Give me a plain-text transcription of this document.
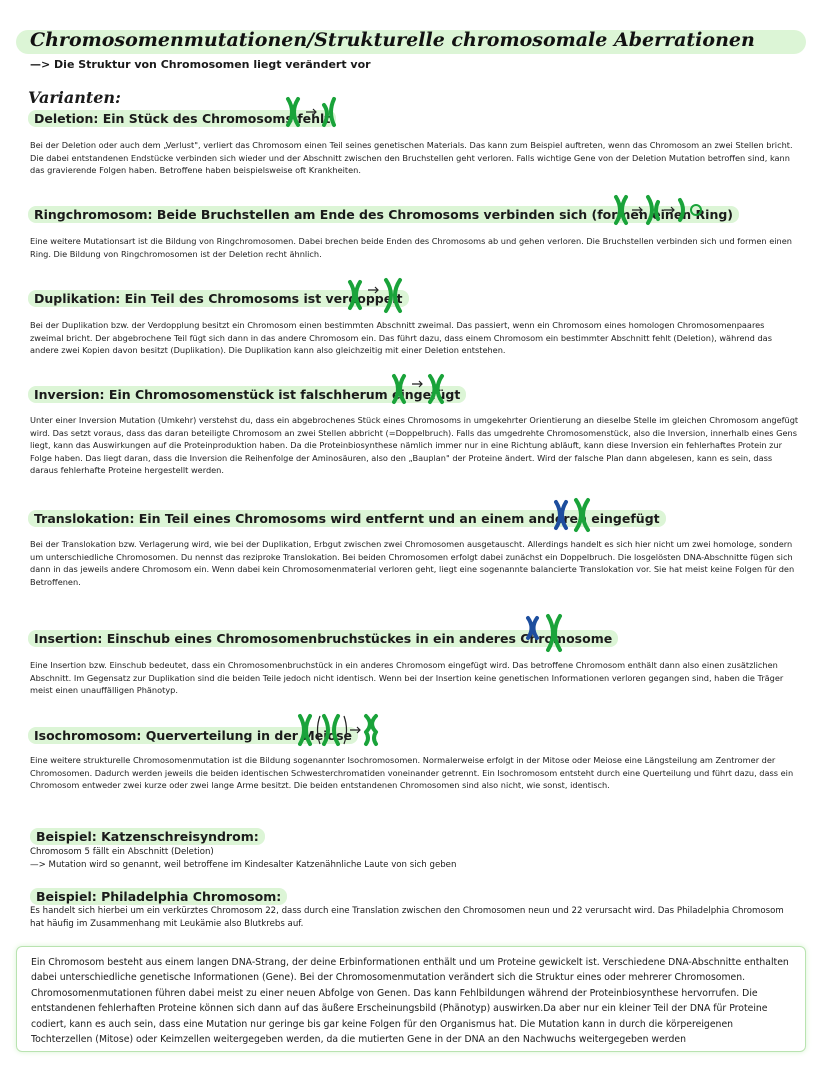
Chromosomenmutationen/Strukturelle chromosomale Aberrationen
—> Die Struktur von Chromosomen liegt verändert vor
Varianten:
Deletion: Ein Stück des Chromosoms fehlt
Bei der Deletion oder auch dem „Verlust", verliert das Chromosom einen Teil seines genetischen Materials. Das kann zum Beispiel auftreten, wenn das Chromosom an zwei Stellen bricht. Die dabei entstandenen Endstücke verbinden sich wieder und der Abschnitt zwischen den Bruchstellen geht verloren. Falls wichtige Gene von der Deletion Mutation betroffen sind, kann das gravierende Folgen haben. Betroffene haben beispielsweise oft Krankheiten.
Ringchromosom: Beide Bruchstellen am Ende des Chromosoms verbinden sich (formen einen Ring)
Eine weitere Mutationsart ist die Bildung von Ringchromosomen. Dabei brechen beide Enden des Chromosoms ab und gehen verloren. Die Bruchstellen verbinden sich und formen einen Ring. Die Bildung von Ringchromosomen ist der Deletion recht ähnlich.
Duplikation: Ein Teil des Chromosoms ist verdoppelt
Bei der Duplikation bzw. der Verdopplung besitzt ein Chromosom einen bestimmten Abschnitt zweimal. Das passiert, wenn ein Chromosom eines homologen Chromosomenpaares zweimal bricht. Der abgebrochene Teil fügt sich dann in das andere Chromosom ein. Das führt dazu, dass einem Chromosom ein bestimmter Abschnitt fehlt (Deletion), während das andere zwei Kopien davon besitzt (Duplikation). Die Duplikation kann also gleichzeitig mit einer Deletion entstehen.
Inversion: Ein Chromosomenstück ist falschherum eingefügt
Unter einer Inversion Mutation (Umkehr) verstehst du, dass ein abgebrochenes Stück eines Chromosoms in umgekehrter Orientierung an dieselbe Stelle im gleichen Chromosom angefügt wird. Das setzt voraus, dass das daran beteiligte Chromosom an zwei Stellen abbricht (=Doppelbruch). Falls das umgedrehte Chromosomenstück, also die Inversion, innerhalb eines Gens liegt, kann das Auswirkungen auf die Proteinproduktion haben. Da die Proteinbiosynthese nämlich immer nur in eine Richtung abläuft, kann diese Inversion ein fehlerhaftes Protein zur Folge haben. Das liegt daran, dass die Inversion die Reihenfolge der Aminosäuren, also den „Bauplan" der Proteine ändert. Wird der falsche Plan dann abgelesen, kann es sein, dass daraus fehlerhafte Proteine hergestellt werden.
Translokation: Ein Teil eines Chromosoms wird entfernt und an einem anderen eingefügt
Bei der Translokation bzw. Verlagerung wird, wie bei der Duplikation, Erbgut zwischen zwei Chromosomen ausgetauscht. Allerdings handelt es sich hier nicht um zwei homologe, sondern um unterschiedliche Chromosomen. Du nennst das reziproke Translokation. Bei beiden Chromosomen erfolgt dabei zunächst ein Doppelbruch. Die losgelösten DNA-Abschnitte fügen sich dann in das jeweils andere Chromosom ein. Wenn dabei kein Chromosomenmaterial verloren geht, liegt eine sogenannte balancierte Translokation vor. Sie hat meist keine Folgen für den Betroffenen.
Insertion: Einschub eines Chromosomenbruchstückes in ein anderes Chromosome
Eine Insertion bzw. Einschub bedeutet, dass ein Chromosomenbruchstück in ein anderes Chromosom eingefügt wird. Das betroffene Chromosom enthält dann also einen zusätzlichen Abschnitt. Im Gegensatz zur Duplikation sind die beiden Teile jedoch nicht identisch. Wenn bei der Insertion keine genetischen Informationen verloren gegangen sind, haben die Träger meist einen unauffälligen Phänotyp.
Isochromosom: Querverteilung in der Meiose
Eine weitere strukturelle Chromosomenmutation ist die Bildung sogenannter Isochromosomen. Normalerweise erfolgt in der Mitose oder Meiose eine Längsteilung am Zentromer der Chromosomen. Dadurch werden jeweils die beiden identischen Schwesterchromatiden voneinander getrennt. Ein Isochromosom entsteht durch eine Querteilung und führt dazu, dass ein Chromosom entweder zwei kurze oder zwei lange Arme besitzt. Die beiden entstandenen Chromosomen sind also nicht, wie sonst, identisch.
Beispiel: Katzenschreisyndrom:
Chromosom 5 fällt ein Abschnitt (Deletion)
—> Mutation wird so genannt, weil betroffene im Kindesalter Katzenähnliche Laute von sich geben
Beispiel: Philadelphia Chromosom:
Es handelt sich hierbei um ein verkürztes Chromosom 22, dass durch eine Translation zwischen den Chromosomen neun und 22 verursacht wird. Das Philadelphia Chromosom hat häufig im Zusammenhang mit Leukämie also Blutkrebs auf.

Ein Chromosom besteht aus einem langen DNA-Strang, der deine Erbinformationen enthält und um Proteine gewickelt ist. Verschiedene DNA-Abschnitte enthalten dabei unterschiedliche genetische Informationen (Gene). Bei der Chromosomenmutation verändert sich die Struktur eines oder mehrerer Chromosomen. Chromosomenmutationen führen dabei meist zu einer neuen Abfolge von Genen. Das kann Fehlbildungen während der Proteinbiosynthese hervorrufen. Die entstandenen fehlerhaften Proteine können sich dann auf das äußere Erscheinungsbild (Phänotyp) auswirken.Da aber nur ein kleiner Teil der DNA für Proteine codiert, kann es auch sein, dass eine Mutation nur geringe bis gar keine Folgen für den Organismus hat. Die Mutation kann in durch die körpereigenen Tochterzellen (Mitose) oder Keimzellen weitergegeben werden, da die mutierten Gene in der DNA an den Nachwuchs weitergegeben werden
